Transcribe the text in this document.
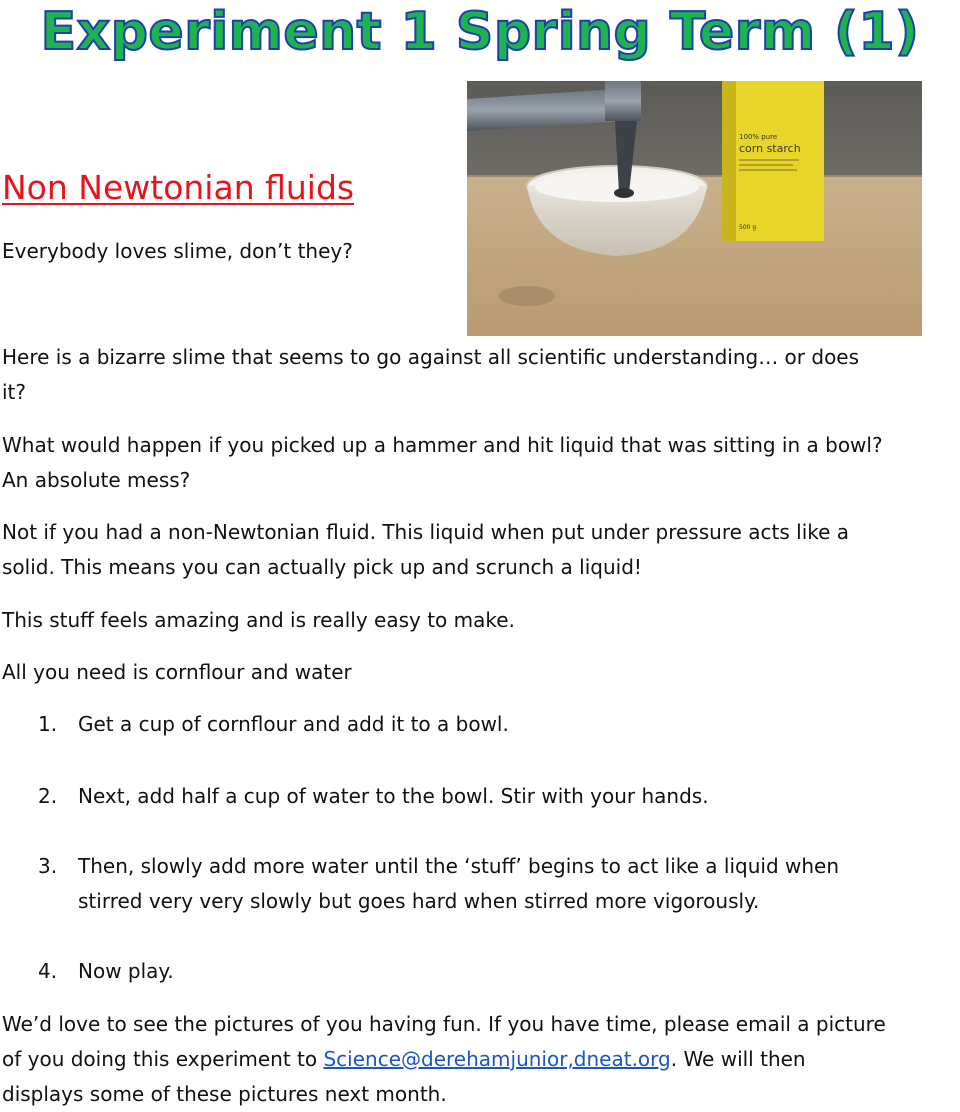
Experiment 1 Spring Term (1)
100% pure
corn starch
500 g
Non Newtonian fluids

Everybody loves slime, don’t they?

Here is a bizarre slime that seems to go against all scientific understanding… or does

it?

What would happen if you picked up a hammer and hit liquid that was sitting in a bowl?

An absolute mess?

Not if you had a non-Newtonian fluid. This liquid when put under pressure acts like a

solid. This means you can actually pick up and scrunch a liquid!

This stuff feels amazing and is really easy to make.

All you need is cornflour and water

1. Get a cup of cornflour and add it to a bowl.
2. Next, add half a cup of water to the bowl. Stir with your hands.
3. Then, slowly add more water until the ‘stuff’ begins to act like a liquid when
stirred very very slowly but goes hard when stirred more vigorously.
4. Now play.

We’d love to see the pictures of you having fun. If you have time, please email a picture

of you doing this experiment to Science@derehamjunior,dneat.org. We will then

displays some of these pictures next month.
